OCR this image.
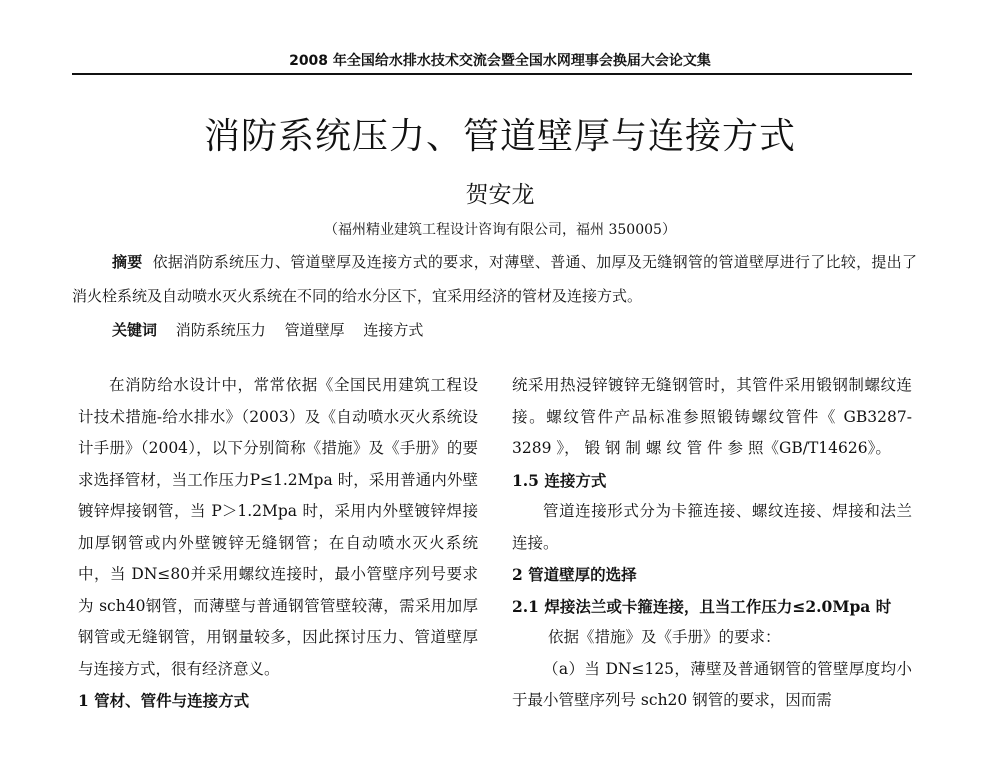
2008 年全国给水排水技术交流会暨全国水网理事会换届大会论文集
消防系统压力、管道壁厚与连接方式
贺安龙
（福州精业建筑工程设计咨询有限公司，福州 350005）
摘要 依据消防系统压力、管道壁厚及连接方式的要求，对薄壁、普通、加厚及无缝钢管的管道壁厚进行了比较，提出了消火栓系统及自动喷水灭火系统在不同的给水分区下，宜采用经济的管材及连接方式。
关键词 消防系统压力 管道壁厚 连接方式

在消防给水设计中，常常依据《全国民用建筑工程设计技术措施-给水排水》（2003）及《自动喷水灭火系统设计手册》（2004），以下分别简称《措施》及《手册》的要求选择管材，当工作压力P≤1.2Mpa 时，采用普通内外壁镀锌焊接钢管，当 P＞1.2Mpa 时，采用内外壁镀锌焊接加厚钢管或内外壁镀锌无缝钢管；在自动喷水灭火系统中，当 DN≤80并采用螺纹连接时，最小管壁序列号要求为 sch40钢管，而薄壁与普通钢管管壁较薄，需采用加厚钢管或无缝钢管，用钢量较多，因此探讨压力、管道壁厚与连接方式，很有经济意义。

1 管材、管件与连接方式

统采用热浸锌镀锌无缝钢管时，其管件采用锻钢制螺纹连接。螺纹管件产品标准参照锻铸螺纹管件《 GB3287-3289 》， 锻 钢 制 螺 纹 管 件 参 照《GB/T14626》。

1.5 连接方式

管道连接形式分为卡箍连接、螺纹连接、焊接和法兰连接。

2 管道壁厚的选择

2.1 焊接法兰或卡箍连接，且当工作压力≤2.0Mpa 时

依据《措施》及《手册》的要求：

（a）当 DN≤125，薄壁及普通钢管的管壁厚度均小于最小管壁序列号 sch20 钢管的要求，因而需
